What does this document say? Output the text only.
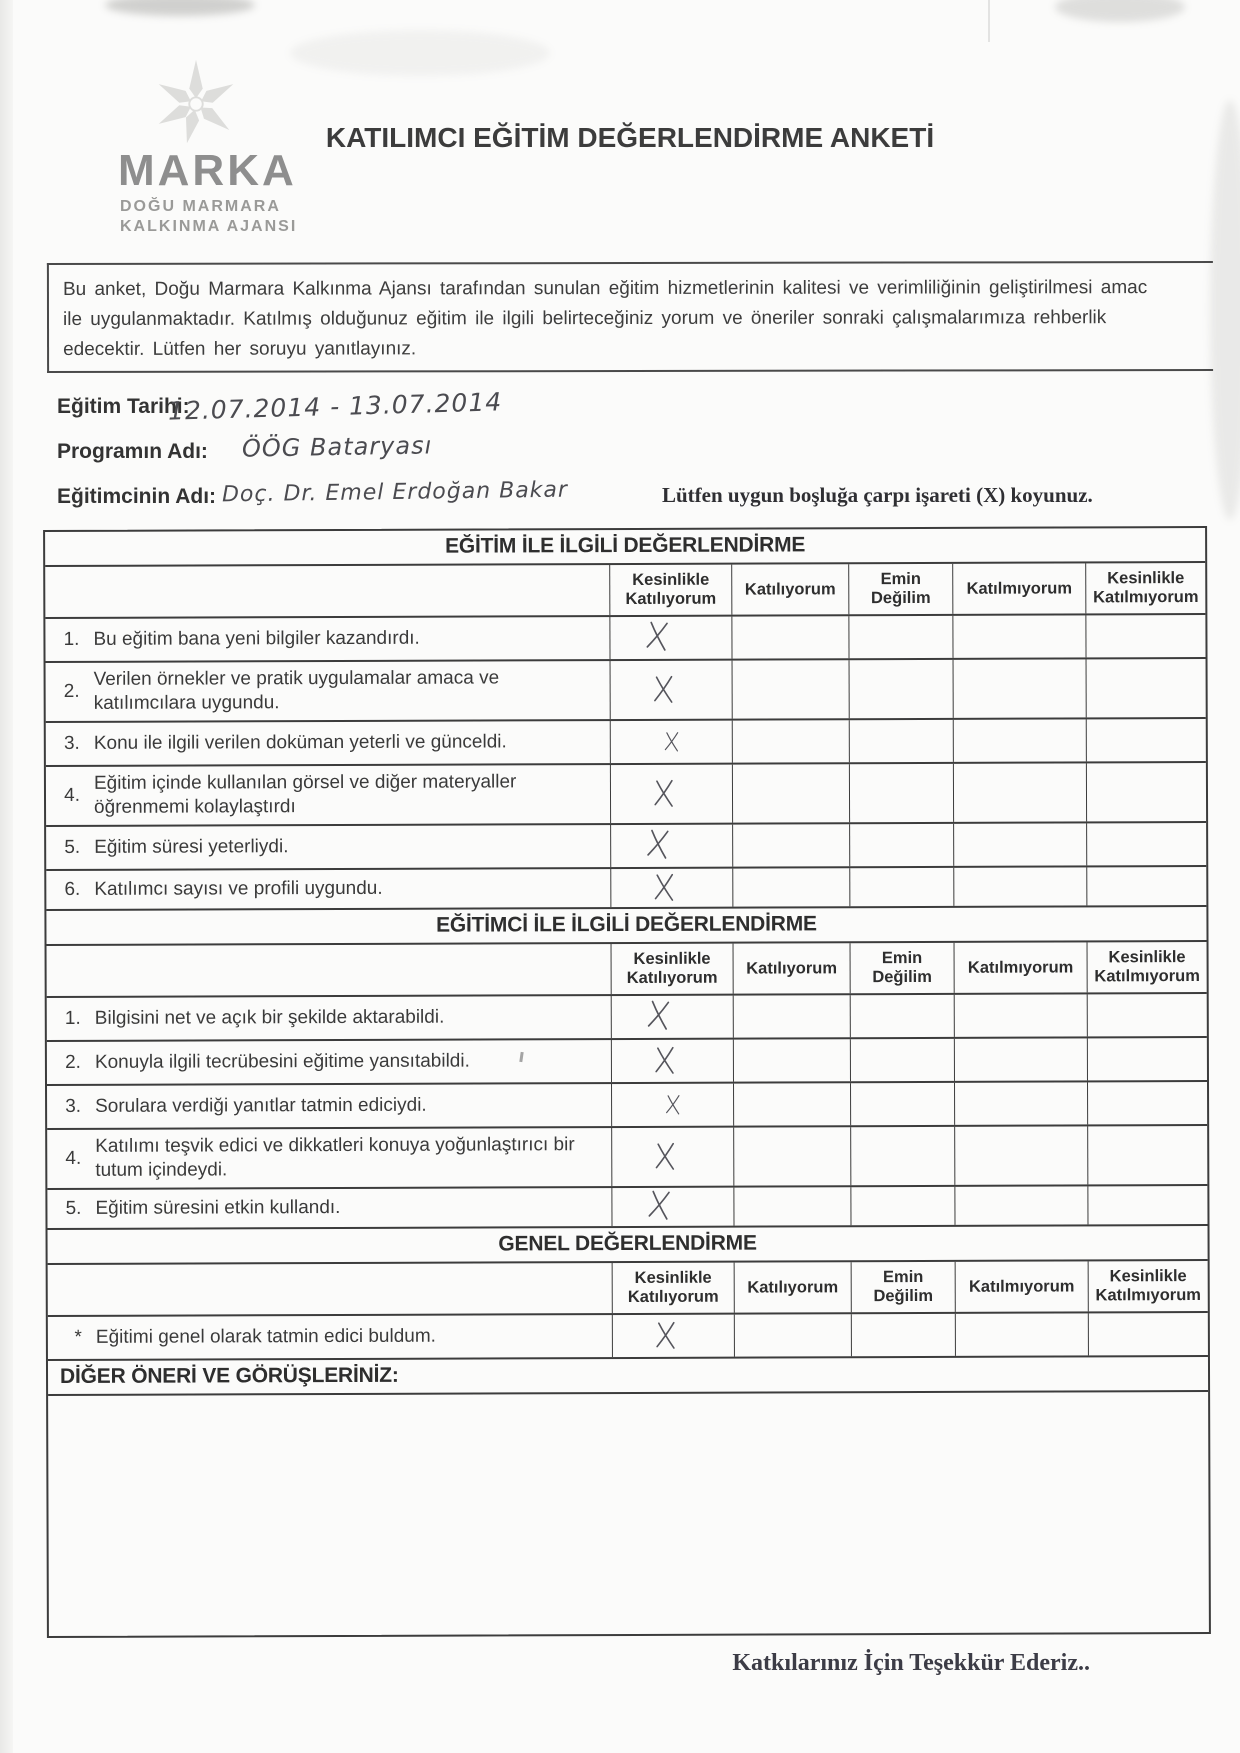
MARKA
DOĞU MARMARA
KALKINMA AJANSI
KATILIMCI EĞİTİM DEĞERLENDİRME ANKETİ
Bu anket, Doğu Marmara Kalkınma Ajansı tarafından sunulan eğitim hizmetlerinin kalitesi ve verimliliğinin geliştirilmesi amac
ile uygulanmaktadır. Katılmış olduğunuz eğitim ile ilgili belirteceğiniz yorum ve öneriler sonraki çalışmalarımıza rehberlik
edecektir. Lütfen her soruyu yanıtlayınız.
Eğitim Tarihi:
12.07.2014 - 13.07.2014
Programın Adı: ÖÖG Bataryası
Eğitimcinin Adı: Doç. Dr. Emel Erdoğan Bakar	Lütfen uygun boşluğa çarpı işareti (X) koyunuz.
EĞİTİM İLE İLGİLİ DEĞERLENDİRME
Kesinlikle Katılıyorum
Katılıyorum
Emin Değilim
Katılmıyorum
Kesinlikle Katılmıyorum
1. Bu eğitim bana yeni bilgiler kazandırdı.
2.
Verilen örnekler ve pratik uygulamalar amaca ve katılımcılara uygundu.
3. Konu ile ilgili verilen doküman yeterli ve günceldi.
4.
Eğitim içinde kullanılan görsel ve diğer materyaller öğrenmemi kolaylaştırdı
5. Eğitim süresi yeterliydi.
6. Katılımcı sayısı ve profili uygundu.
EĞİTİMCİ İLE İLGİLİ DEĞERLENDİRME
Kesinlikle Katılıyorum
Katılıyorum
Emin Değilim
Katılmıyorum
Kesinlikle Katılmıyorum
1. Bilgisini net ve açık bir şekilde aktarabildi.
2. Konuyla ilgili tecrübesini eğitime yansıtabildi.
3. Sorulara verdiği yanıtlar tatmin ediciydi.
4.
Katılımı teşvik edici ve dikkatleri konuya yoğunlaştırıcı bir tutum içindeydi.
5. Eğitim süresini etkin kullandı.
GENEL DEĞERLENDİRME
Kesinlikle Katılıyorum
Katılıyorum
Emin Değilim
Katılmıyorum
Kesinlikle Katılmıyorum
* Eğitimi genel olarak tatmin edici buldum.
DİĞER ÖNERİ VE GÖRÜŞLERİNİZ:
Katkılarınız İçin Teşekkür Ederiz..
